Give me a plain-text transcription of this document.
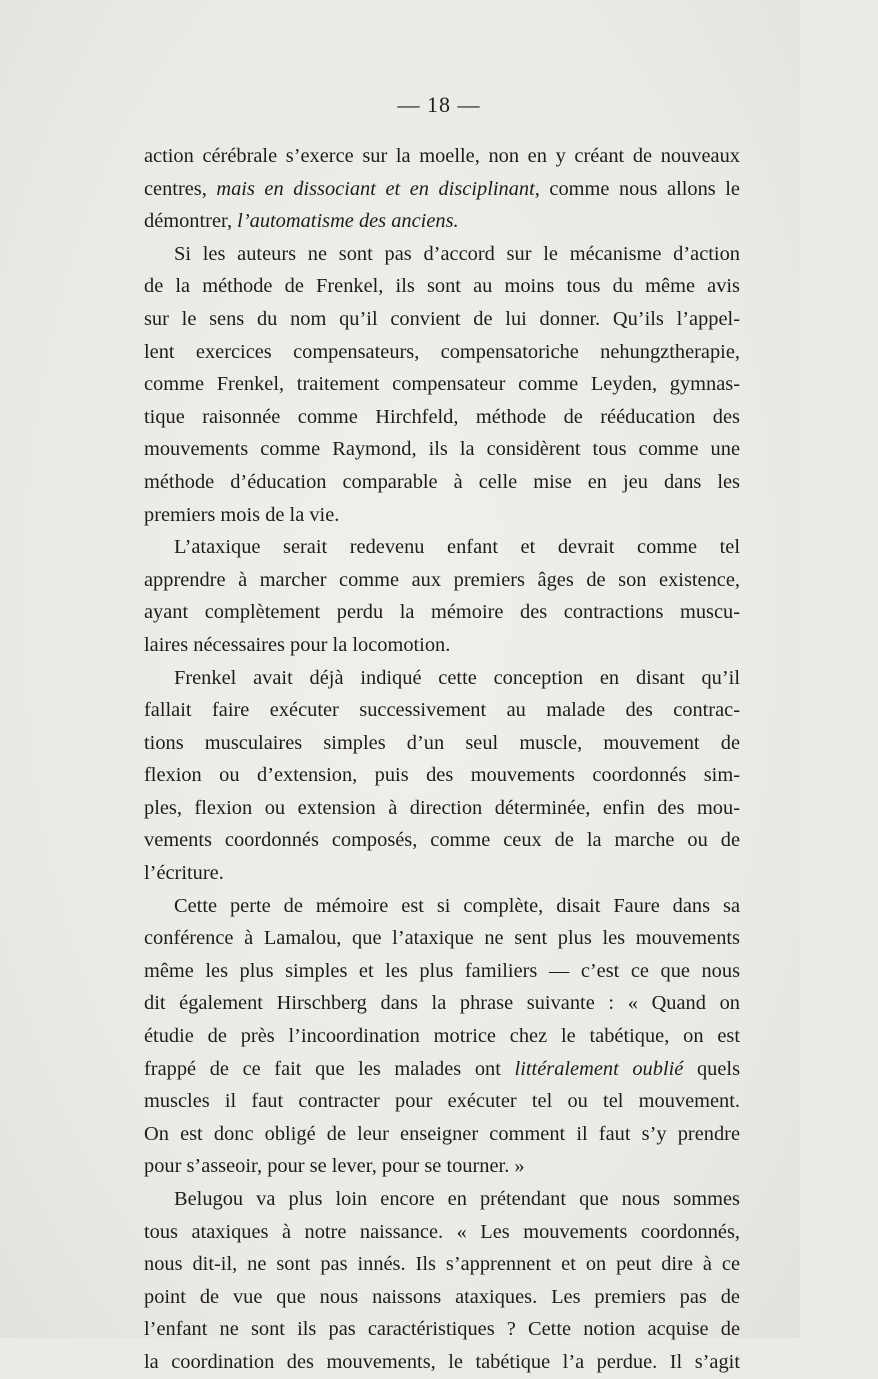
— 18 —

action cérébrale s’exerce sur la moelle, non en y créant de nouveaux
centres, mais en dissociant et en disciplinant, comme nous allons le
démontrer, l’automatisme des anciens.
Si les auteurs ne sont pas d’accord sur le mécanisme d’action
de la méthode de Frenkel, ils sont au moins tous du même avis
sur le sens du nom qu’il convient de lui donner. Qu’ils l’appel-
lent exercices compensateurs, compensatoriche nehungztherapie,
comme Frenkel, traitement compensateur comme Leyden, gymnas-
tique raisonnée comme Hirchfeld, méthode de rééducation des
mouvements comme Raymond, ils la considèrent tous comme une
méthode d’éducation comparable à celle mise en jeu dans les
premiers mois de la vie.
L’ataxique serait redevenu enfant et devrait comme tel
apprendre à marcher comme aux premiers âges de son existence,
ayant complètement perdu la mémoire des contractions muscu-
laires nécessaires pour la locomotion.
Frenkel avait déjà indiqué cette conception en disant qu’il
fallait faire exécuter successivement au malade des contrac-
tions musculaires simples d’un seul muscle, mouvement de
flexion ou d’extension, puis des mouvements coordonnés sim-
ples, flexion ou extension à direction déterminée, enfin des mou-
vements coordonnés composés, comme ceux de la marche ou de
l’écriture.
Cette perte de mémoire est si complète, disait Faure dans sa
conférence à Lamalou, que l’ataxique ne sent plus les mouvements
même les plus simples et les plus familiers — c’est ce que nous
dit également Hirschberg dans la phrase suivante : « Quand on
étudie de près l’incoordination motrice chez le tabétique, on est
frappé de ce fait que les malades ont littéralement oublié quels
muscles il faut contracter pour exécuter tel ou tel mouvement.
On est donc obligé de leur enseigner comment il faut s’y prendre
pour s’asseoir, pour se lever, pour se tourner. »
Belugou va plus loin encore en prétendant que nous sommes
tous ataxiques à notre naissance. « Les mouvements coordonnés,
nous dit-il, ne sont pas innés. Ils s’apprennent et on peut dire à ce
point de vue que nous naissons ataxiques. Les premiers pas de
l’enfant ne sont ils pas caractéristiques ? Cette notion acquise de
la coordination des mouvements, le tabétique l’a perdue. Il s’agit
